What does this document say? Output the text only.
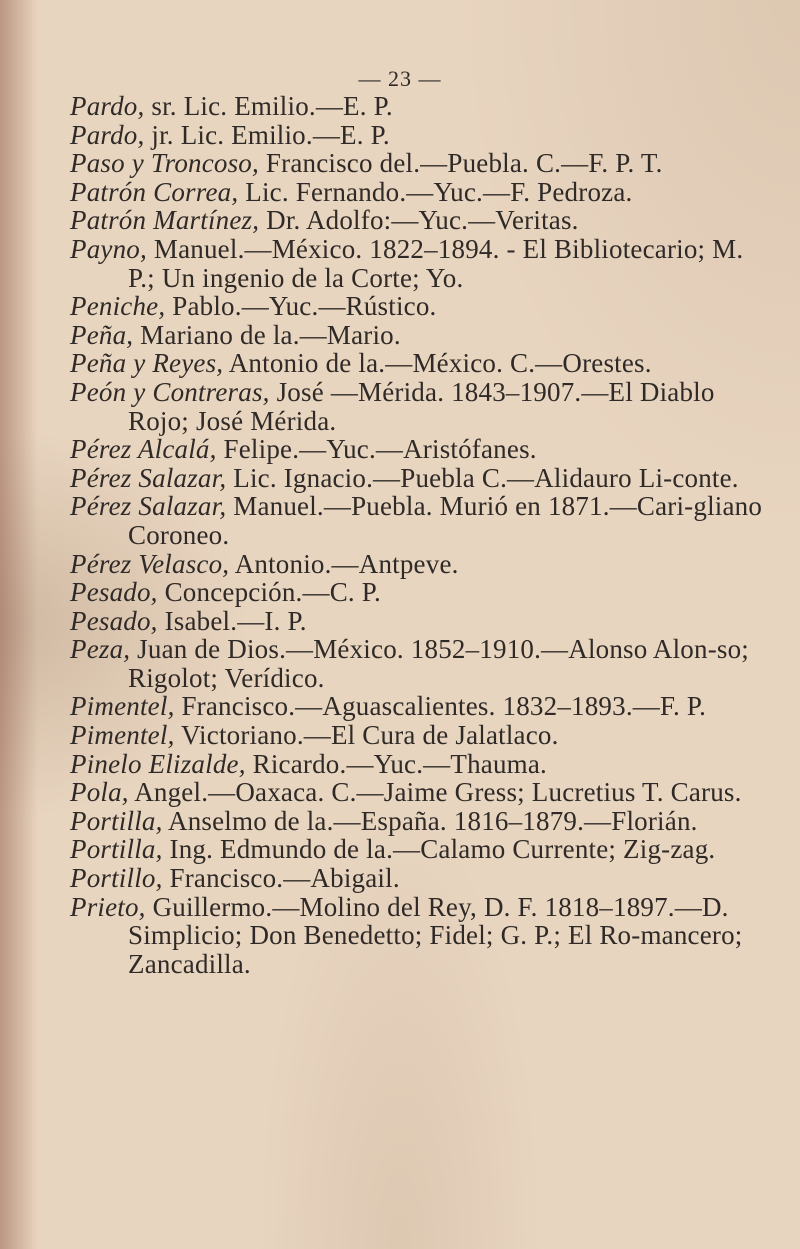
— 23 —
Pardo, sr. Lic. Emilio.—E. P.
Pardo, jr. Lic. Emilio.—E. P.
Paso y Troncoso, Francisco del.—Puebla. C.—F. P. T.
Patrón Correa, Lic. Fernando.—Yuc.—F. Pedroza.
Patrón Martínez, Dr. Adolfo:—Yuc.—Veritas.
Payno, Manuel.—México. 1822–1894. - El Bibliotecario; M. P.; Un ingenio de la Corte; Yo.
Peniche, Pablo.—Yuc.—Rústico.
Peña, Mariano de la.—Mario.
Peña y Reyes, Antonio de la.—México. C.—Orestes.
Peón y Contreras, José —Mérida. 1843–1907.—El Diablo Rojo; José Mérida.
Pérez Alcalá, Felipe.—Yuc.—Aristófanes.
Pérez Salazar, Lic. Ignacio.—Puebla C.—Alidauro Li-conte.
Pérez Salazar, Manuel.—Puebla. Murió en 1871.—Cari-gliano Coroneo.
Pérez Velasco, Antonio.—Antpeve.
Pesado, Concepción.—C. P.
Pesado, Isabel.—I. P.
Peza, Juan de Dios.—México. 1852–1910.—Alonso Alon-so; Rigolot; Verídico.
Pimentel, Francisco.—Aguascalientes. 1832–1893.—F. P.
Pimentel, Victoriano.—El Cura de Jalatlaco.
Pinelo Elizalde, Ricardo.—Yuc.—Thauma.
Pola, Angel.—Oaxaca. C.—Jaime Gress; Lucretius T. Carus.
Portilla, Anselmo de la.—España. 1816–1879.—Florián.
Portilla, Ing. Edmundo de la.—Calamo Currente; Zig-zag.
Portillo, Francisco.—Abigail.
Prieto, Guillermo.—Molino del Rey, D. F. 1818–1897.—D. Simplicio; Don Benedetto; Fidel; G. P.; El Ro-mancero; Zancadilla.
